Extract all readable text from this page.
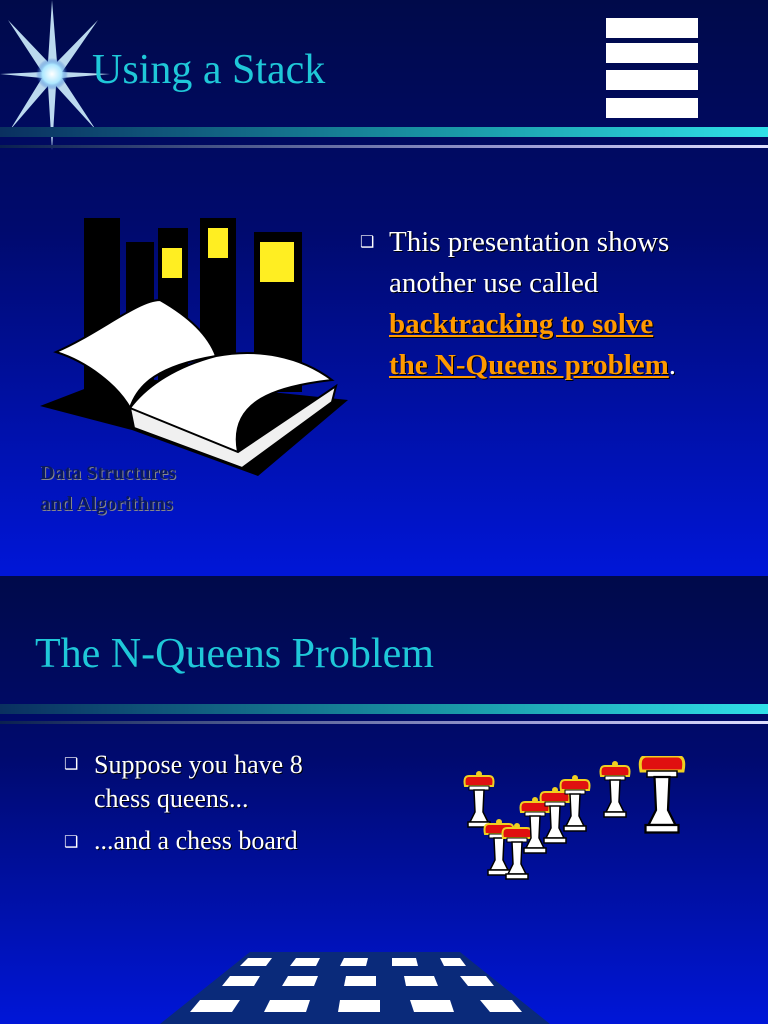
Using a Stack
Data Structures
and Algorithms
❑ This presentation shows another use called backtracking to solve
the N-Queens problem.
The N-Queens Problem
❑ Suppose you have 8
chess queens...
❑ ...and a chess board
